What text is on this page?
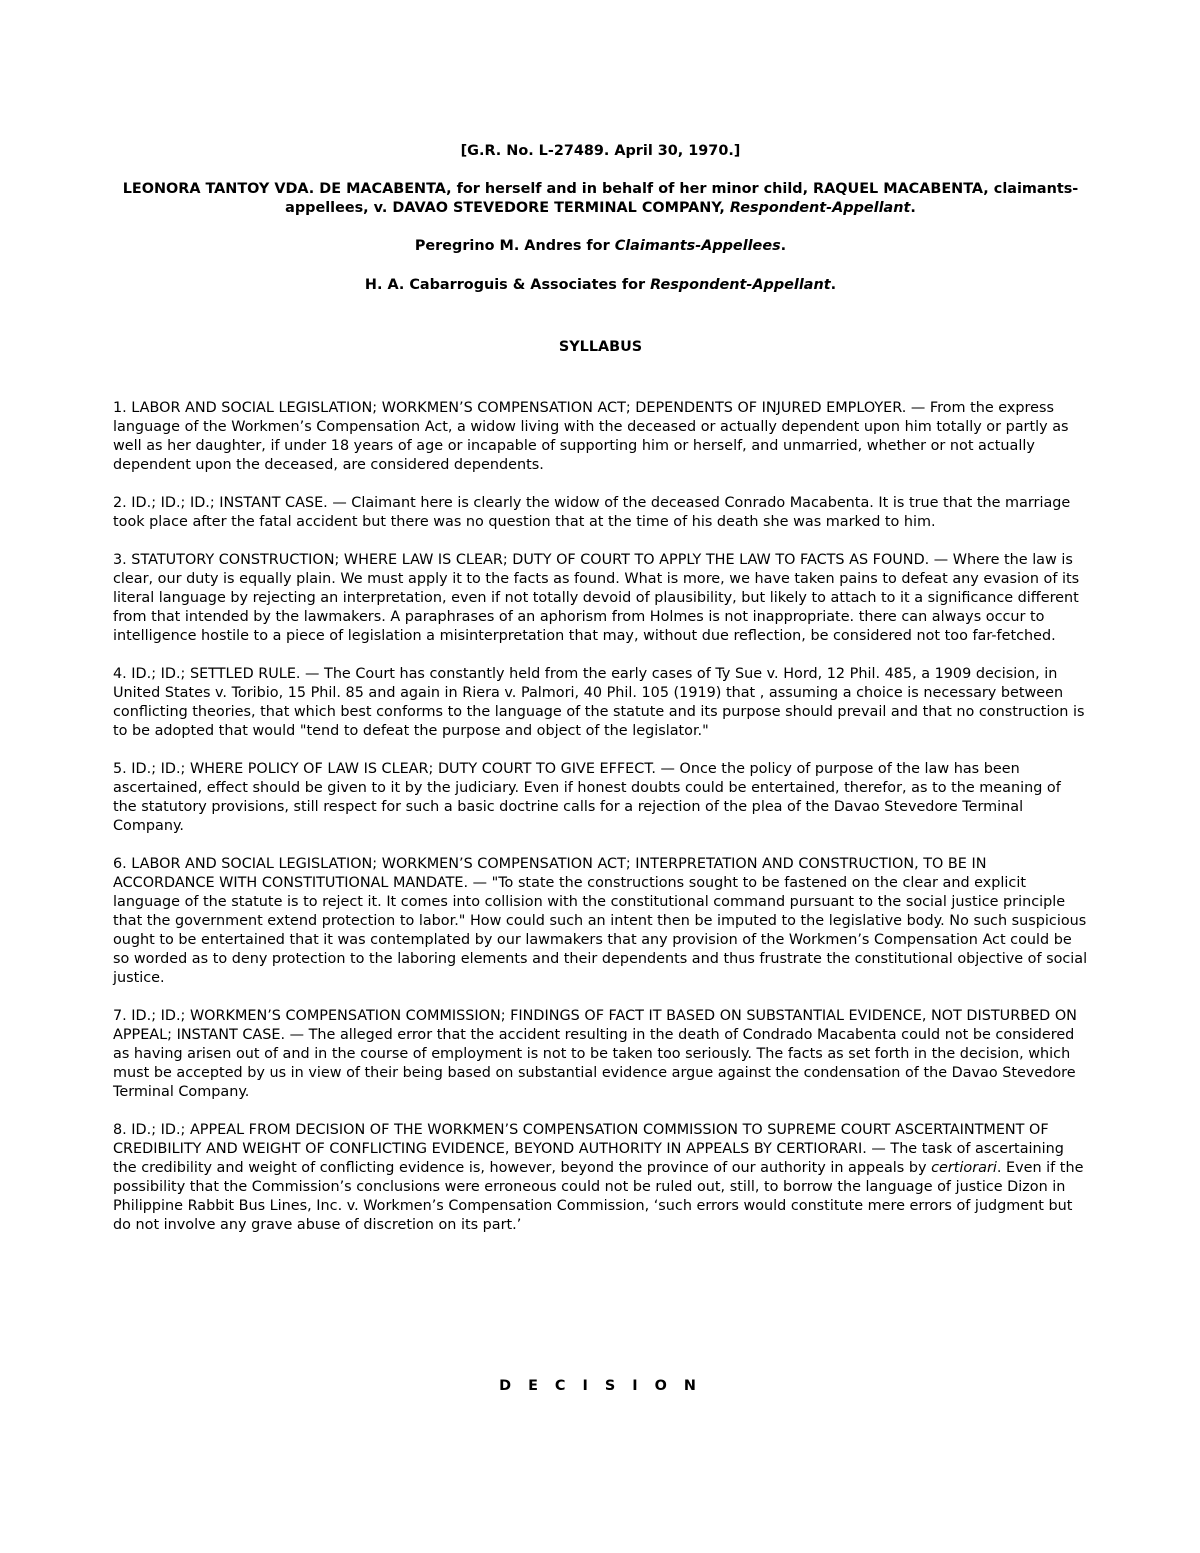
[G.R. No. L-27489. April 30, 1970.]
LEONORA TANTOY VDA. DE MACABENTA, for herself and in behalf of her minor child, RAQUEL MACABENTA, claimants-appellees, v. DAVAO STEVEDORE TERMINAL COMPANY, Respondent-Appellant.
Peregrino M. Andres for Claimants-Appellees.
H. A. Cabarroguis & Associates for Respondent-Appellant.
SYLLABUS

1. LABOR AND SOCIAL LEGISLATION; WORKMEN’S COMPENSATION ACT; DEPENDENTS OF INJURED EMPLOYER. — From the express language of the Workmen’s Compensation Act, a widow living with the deceased or actually dependent upon him totally or partly as well as her daughter, if under 18 years of age or incapable of supporting him or herself, and unmarried, whether or not actually dependent upon the deceased, are considered dependents.

2. ID.; ID.; ID.; INSTANT CASE. — Claimant here is clearly the widow of the deceased Conrado Macabenta. It is true that the marriage took place after the fatal accident but there was no question that at the time of his death she was marked to him.

3. STATUTORY CONSTRUCTION; WHERE LAW IS CLEAR; DUTY OF COURT TO APPLY THE LAW TO FACTS AS FOUND. — Where the law is clear, our duty is equally plain. We must apply it to the facts as found. What is more, we have taken pains to defeat any evasion of its literal language by rejecting an interpretation, even if not totally devoid of plausibility, but likely to attach to it a significance different from that intended by the lawmakers. A paraphrases of an aphorism from Holmes is not inappropriate. there can always occur to intelligence hostile to a piece of legislation a misinterpretation that may, without due reflection, be considered not too far-fetched.

4. ID.; ID.; SETTLED RULE. — The Court has constantly held from the early cases of Ty Sue v. Hord, 12 Phil. 485, a 1909 decision, in United States v. Toribio, 15 Phil. 85 and again in Riera v. Palmori, 40 Phil. 105 (1919) that , assuming a choice is necessary between conflicting theories, that which best conforms to the language of the statute and its purpose should prevail and that no construction is to be adopted that would "tend to defeat the purpose and object of the legislator."

5. ID.; ID.; WHERE POLICY OF LAW IS CLEAR; DUTY COURT TO GIVE EFFECT. — Once the policy of purpose of the law has been ascertained, effect should be given to it by the judiciary. Even if honest doubts could be entertained, therefor, as to the meaning of the statutory provisions, still respect for such a basic doctrine calls for a rejection of the plea of the Davao Stevedore Terminal Company.

6. LABOR AND SOCIAL LEGISLATION; WORKMEN’S COMPENSATION ACT; INTERPRETATION AND CONSTRUCTION, TO BE IN ACCORDANCE WITH CONSTITUTIONAL MANDATE. — "To state the constructions sought to be fastened on the clear and explicit language of the statute is to reject it. It comes into collision with the constitutional command pursuant to the social justice principle that the government extend protection to labor." How could such an intent then be imputed to the legislative body. No such suspicious ought to be entertained that it was contemplated by our lawmakers that any provision of the Workmen’s Compensation Act could be so worded as to deny protection to the laboring elements and their dependents and thus frustrate the constitutional objective of social justice.

7. ID.; ID.; WORKMEN’S COMPENSATION COMMISSION; FINDINGS OF FACT IT BASED ON SUBSTANTIAL EVIDENCE, NOT DISTURBED ON APPEAL; INSTANT CASE. — The alleged error that the accident resulting in the death of Condrado Macabenta could not be considered as having arisen out of and in the course of employment is not to be taken too seriously. The facts as set forth in the decision, which must be accepted by us in view of their being based on substantial evidence argue against the condensation of the Davao Stevedore Terminal Company.

8. ID.; ID.; APPEAL FROM DECISION OF THE WORKMEN’S COMPENSATION COMMISSION TO SUPREME COURT ASCERTAINTMENT OF CREDIBILITY AND WEIGHT OF CONFLICTING EVIDENCE, BEYOND AUTHORITY IN APPEALS BY CERTIORARI. — The task of ascertaining the credibility and weight of conflicting evidence is, however, beyond the province of our authority in appeals by certiorari. Even if the possibility that the Commission’s conclusions were erroneous could not be ruled out, still, to borrow the language of justice Dizon in Philippine Rabbit Bus Lines, Inc. v. Workmen’s Compensation Commission, ‘such errors would constitute mere errors of judgment but do not involve any grave abuse of discretion on its part.’

D E C I S I O N
